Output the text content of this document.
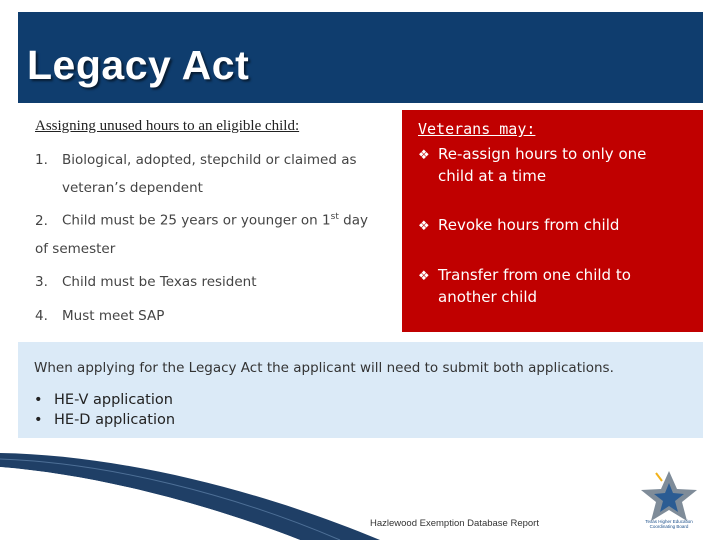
Legacy Act
Assigning unused hours to an eligible child:
1. Biological, adopted, stepchild or claimed as
veteran’s dependent
2. Child must be 25 years or younger on 1st day
of semester
3. Child must be Texas resident
4. Must meet SAP
Veterans may:
❖ Re-assign hours to only one
child at a time
❖ Revoke hours from child
❖ Transfer from one child to
another child
When applying for the Legacy Act the applicant will need to submit both applications.
• HE-V application
• HE-D application
Hazlewood Exemption Database Report	Texas Higher Education
Coordinating Board
